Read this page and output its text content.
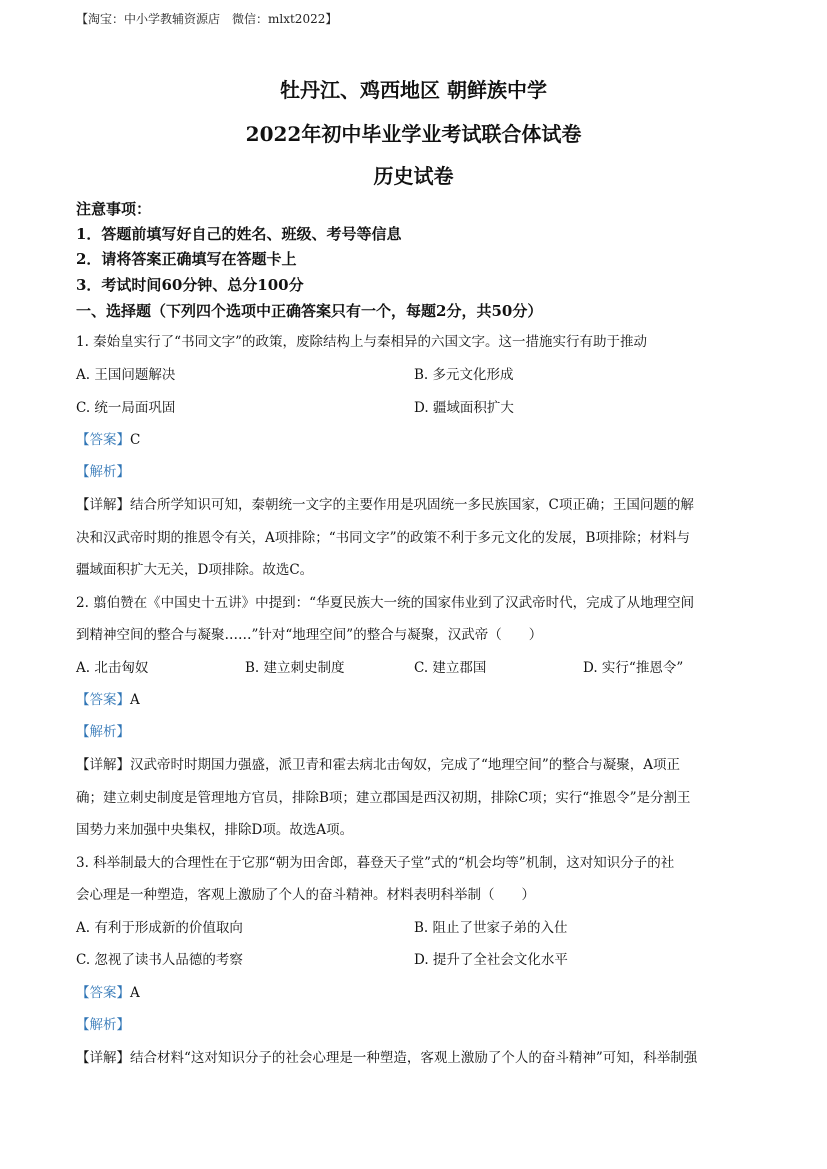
【淘宝：中小学教辅资源店　微信：mlxt2022】
牡丹江、鸡西地区 朝鲜族中学
2022年初中毕业学业考试联合体试卷
历史试卷
注意事项：
1．答题前填写好自己的姓名、班级、考号等信息
2．请将答案正确填写在答题卡上
3．考试时间60分钟、总分100分
一、选择题（下列四个选项中正确答案只有一个，每题2分，共50分）
1. 秦始皇实行了“书同文字”的政策，废除结构上与秦相异的六国文字。这一措施实行有助于推动
A. 王国问题解决	B. 多元文化形成
C. 统一局面巩固	D. 疆域面积扩大
【答案】C
【解析】
【详解】结合所学知识可知，秦朝统一文字的主要作用是巩固统一多民族国家，C项正确；王国问题的解
决和汉武帝时期的推恩令有关，A项排除；“书同文字”的政策不利于多元文化的发展，B项排除；材料与
疆域面积扩大无关，D项排除。故选C。
2. 翦伯赞在《中国史十五讲》中提到：“华夏民族大一统的国家伟业到了汉武帝时代，完成了从地理空间
到精神空间的整合与凝聚……”针对“地理空间”的整合与凝聚，汉武帝（　　）
A. 北击匈奴	B. 建立刺史制度	C. 建立郡国	D. 实行“推恩令”
【答案】A
【解析】
【详解】汉武帝时时期国力强盛，派卫青和霍去病北击匈奴，完成了“地理空间”的整合与凝聚，A项正
确；建立刺史制度是管理地方官员，排除B项；建立郡国是西汉初期，排除C项；实行“推恩令”是分割王
国势力来加强中央集权，排除D项。故选A项。
3. 科举制最大的合理性在于它那“朝为田舍郎，暮登天子堂”式的“机会均等”机制，这对知识分子的社
会心理是一种塑造，客观上激励了个人的奋斗精神。材料表明科举制（　　）
A. 有利于形成新的价值取向	B. 阻止了世家子弟的入仕
C. 忽视了读书人品德的考察	D. 提升了全社会文化水平
【答案】A
【解析】
【详解】结合材料“这对知识分子的社会心理是一种塑造，客观上激励了个人的奋斗精神”可知，科举制强
